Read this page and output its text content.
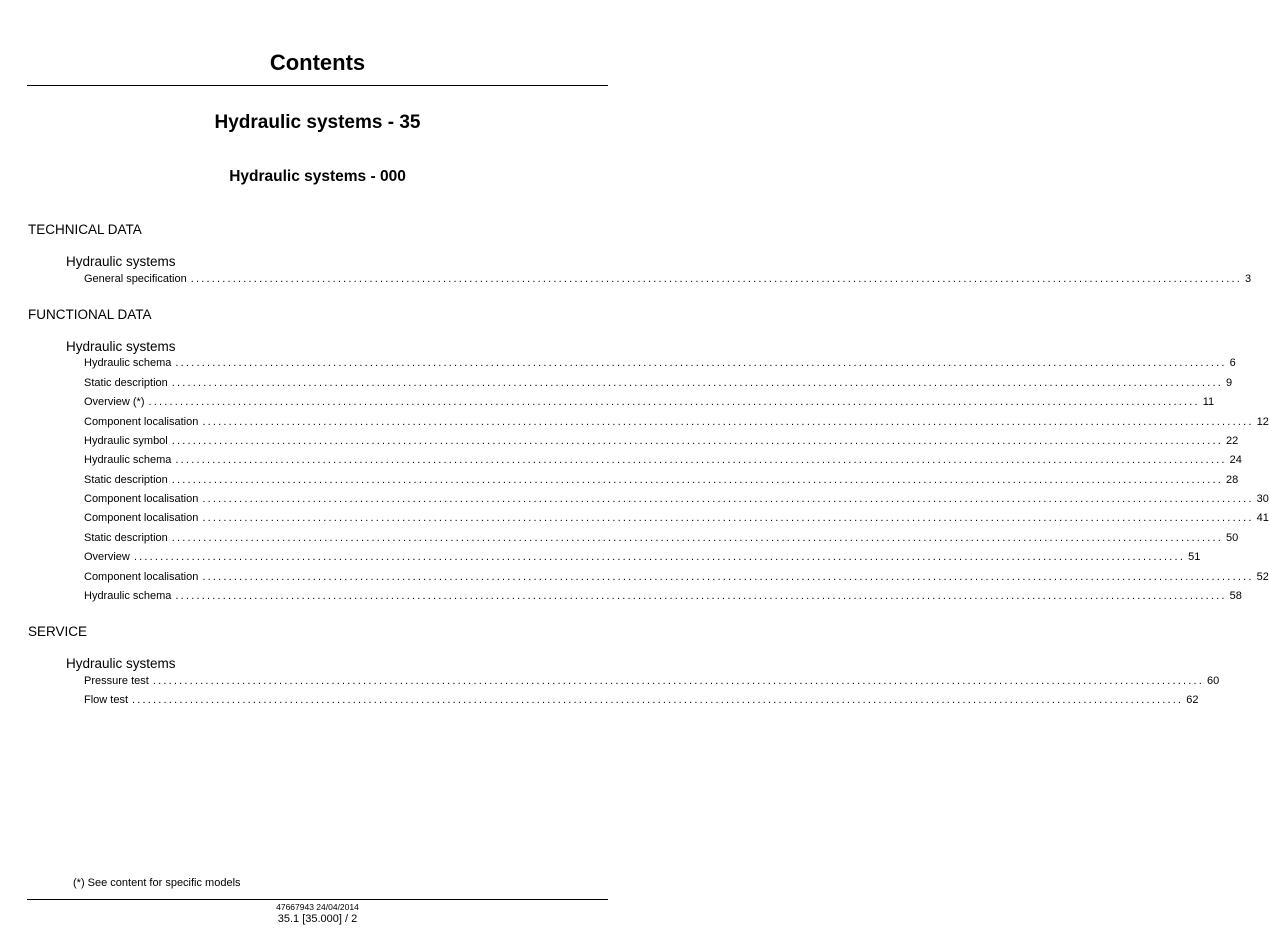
Contents
Hydraulic systems - 35
Hydraulic systems - 000
TECHNICAL DATA
Hydraulic systems
General specification ........................................................................................................................................................................................................ 3
FUNCTIONAL DATA
Hydraulic systems
Hydraulic schema ........................................................................................................................................................................................................ 6
Static description ........................................................................................................................................................................................................ 9
Overview (*) ........................................................................................................................................................................................................ 11
Component localisation ........................................................................................................................................................................................................ 12
Hydraulic symbol ........................................................................................................................................................................................................ 22
Hydraulic schema ........................................................................................................................................................................................................ 24
Static description ........................................................................................................................................................................................................ 28
Component localisation ........................................................................................................................................................................................................ 30
Component localisation ........................................................................................................................................................................................................ 41
Static description ........................................................................................................................................................................................................ 50
Overview ........................................................................................................................................................................................................ 51
Component localisation ........................................................................................................................................................................................................ 52
Hydraulic schema ........................................................................................................................................................................................................ 58
SERVICE
Hydraulic systems
Pressure test ........................................................................................................................................................................................................ 60
Flow test ........................................................................................................................................................................................................ 62
(*) See content for specific models
47667943 24/04/2014
35.1 [35.000] / 2
